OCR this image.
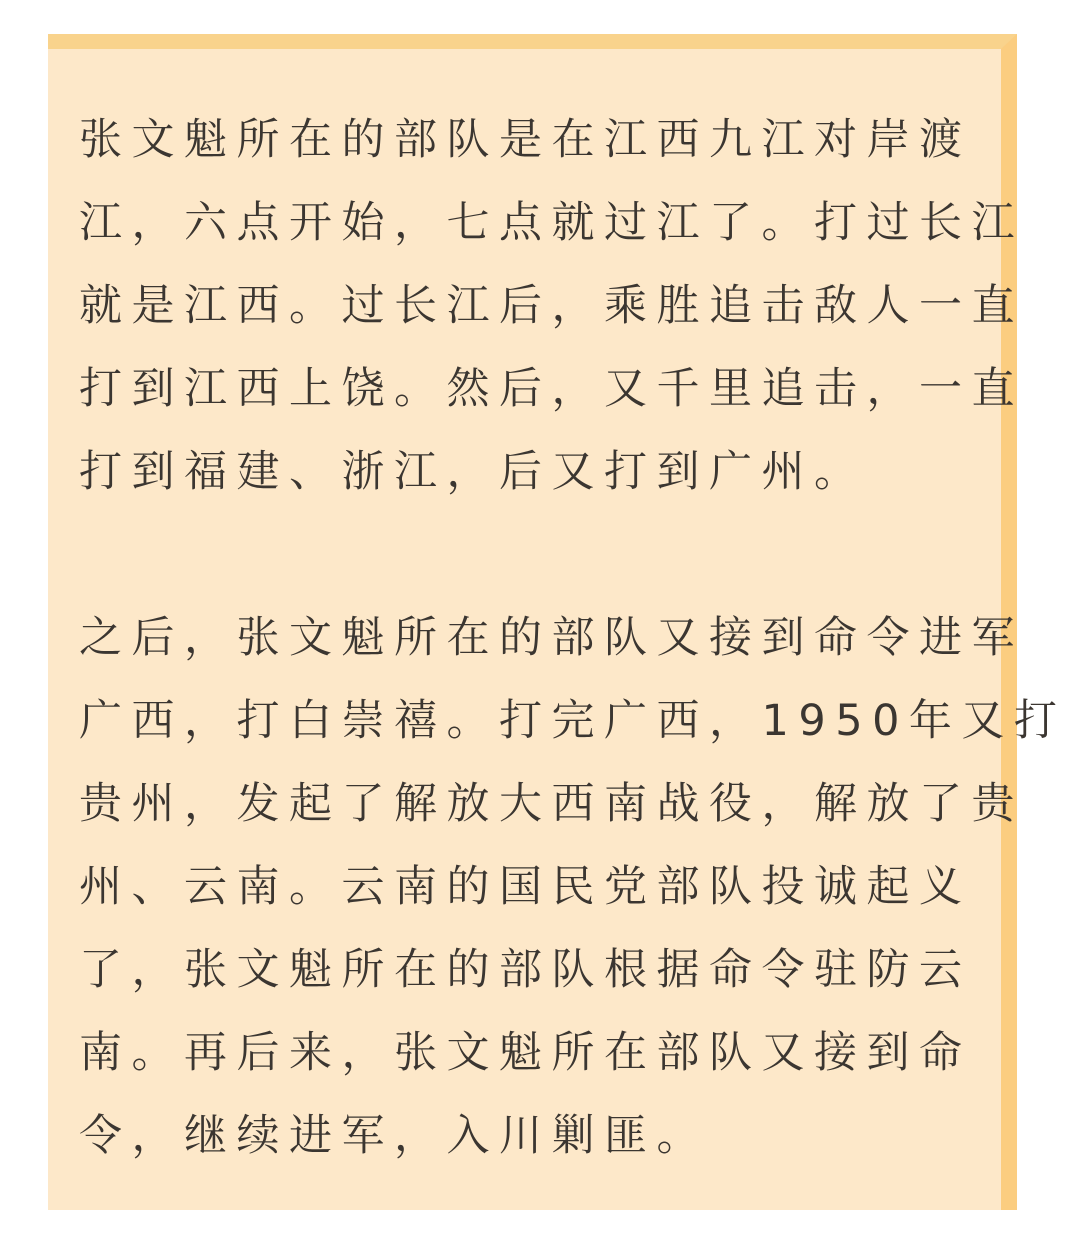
张文魁所在的部队是在江西九江对岸渡
江，六点开始，七点就过江了。打过长江
就是江西。过长江后，乘胜追击敌人一直
打到江西上饶。然后，又千里追击，一直
打到福建、浙江，后又打到广州。
之后，张文魁所在的部队又接到命令进军
广西，打白崇禧。打完广西，1950年又打
贵州，发起了解放大西南战役，解放了贵
州、云南。云南的国民党部队投诚起义
了，张文魁所在的部队根据命令驻防云
南。再后来，张文魁所在部队又接到命
令，继续进军，入川剿匪。
